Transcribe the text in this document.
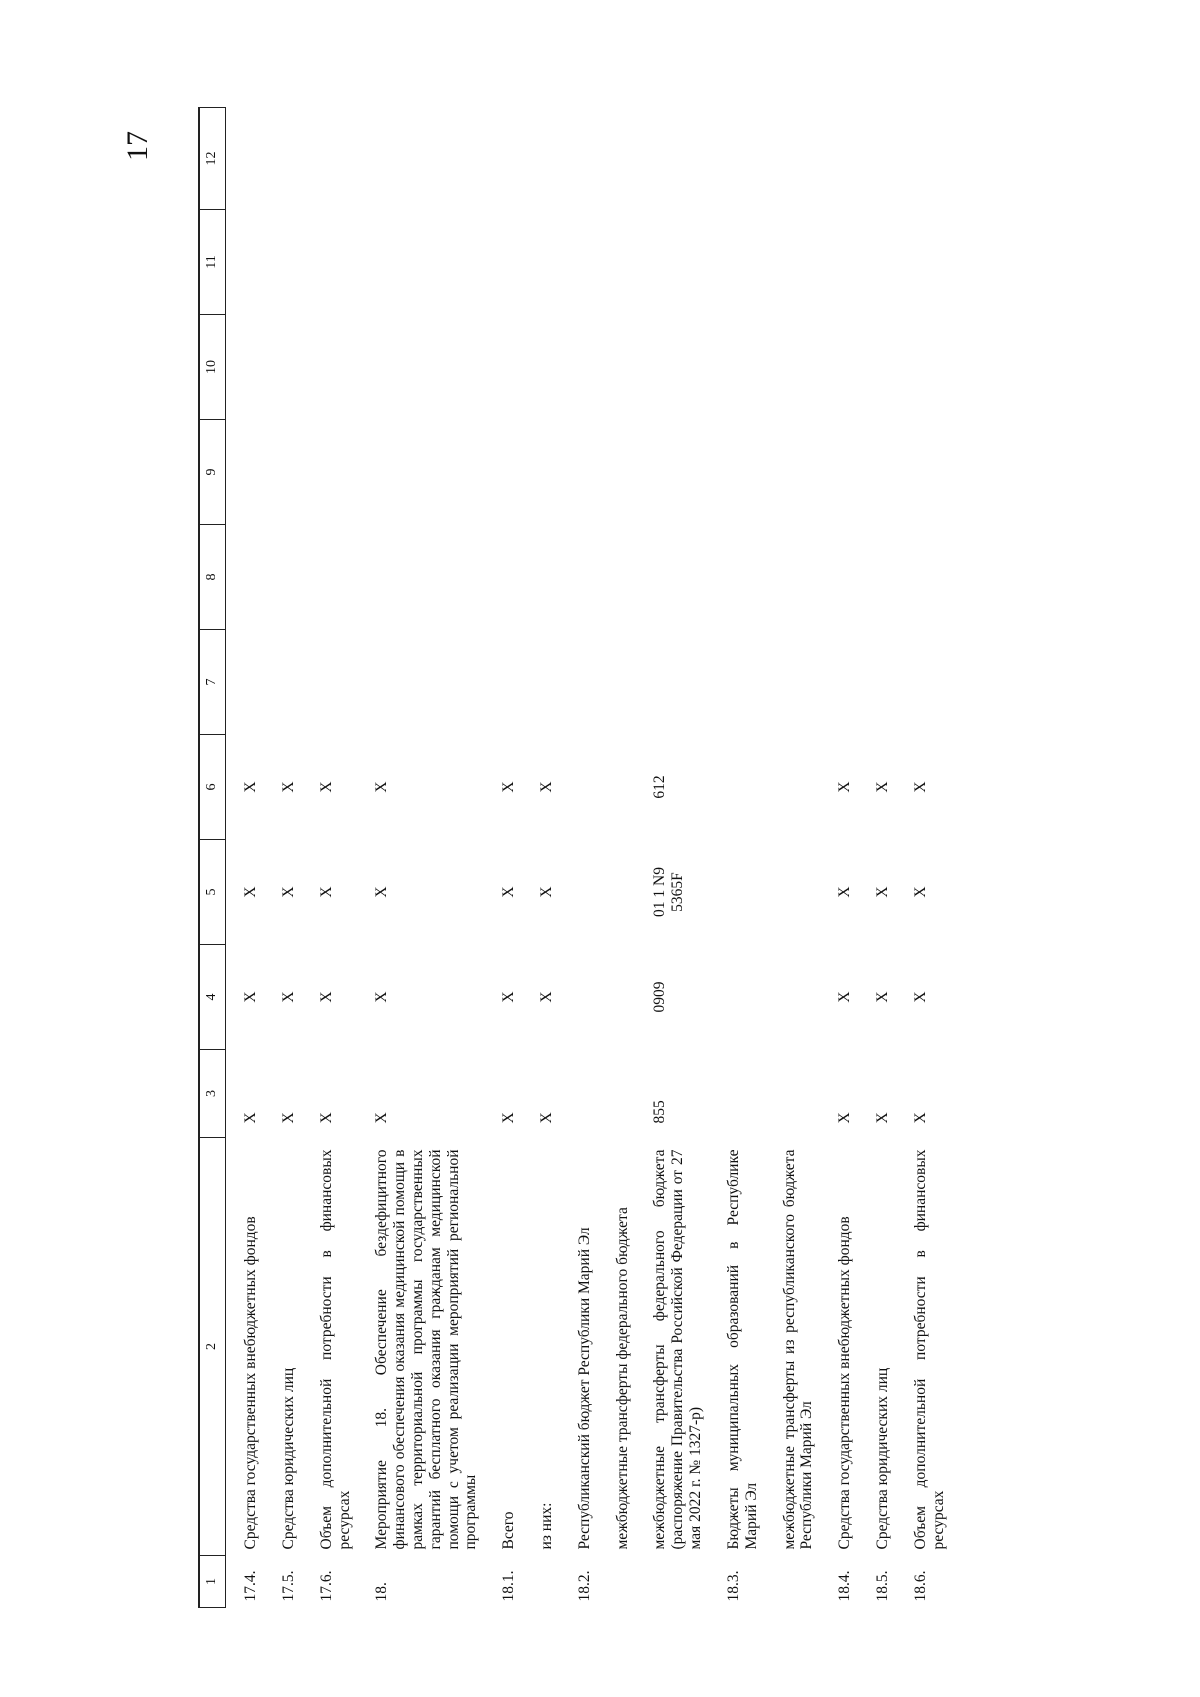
17
1	2	3	4	5	6	7	8	9	10	11	12
17.4.	Средства государственных внебюджетных фондов	X	X	X	X						
17.5.	Средства юридических лиц	X	X	X	X						
17.6.	Объем дополнительной потребности в финансовых ресурсах	X	X	X	X						
18.	Мероприятие 18. Обеспечение бездефицитного финансового обеспечения оказания медицинской помощи в рамках территориальной программы государственных гарантий бесплатного оказания гражданам медицинской помощи с учетом реализации мероприятий региональной программы	X	X	X	X						
18.1.	Всего	X	X	X	X						
	из них:	X	X	X	X						
18.2.	Республиканский бюджет Республики Марий Эл										
	межбюджетные трансферты федерального бюджета										
	межбюджетные трансферты федерального бюджета (распоряжение Правительства Российской Федерации от 27 мая 2022 г. № 1327-р)	855	0909	01 1 N9 5365F	612						
18.3.	Бюджеты муниципальных образований в Республике Марий Эл										
	межбюджетные трансферты из республиканского бюджета Республики Марий Эл										
18.4.	Средства государственных внебюджетных фондов	X	X	X	X						
18.5.	Средства юридических лиц	X	X	X	X						
18.6.	Объем дополнительной потребности в финансовых ресурсах	X	X	X	X						
